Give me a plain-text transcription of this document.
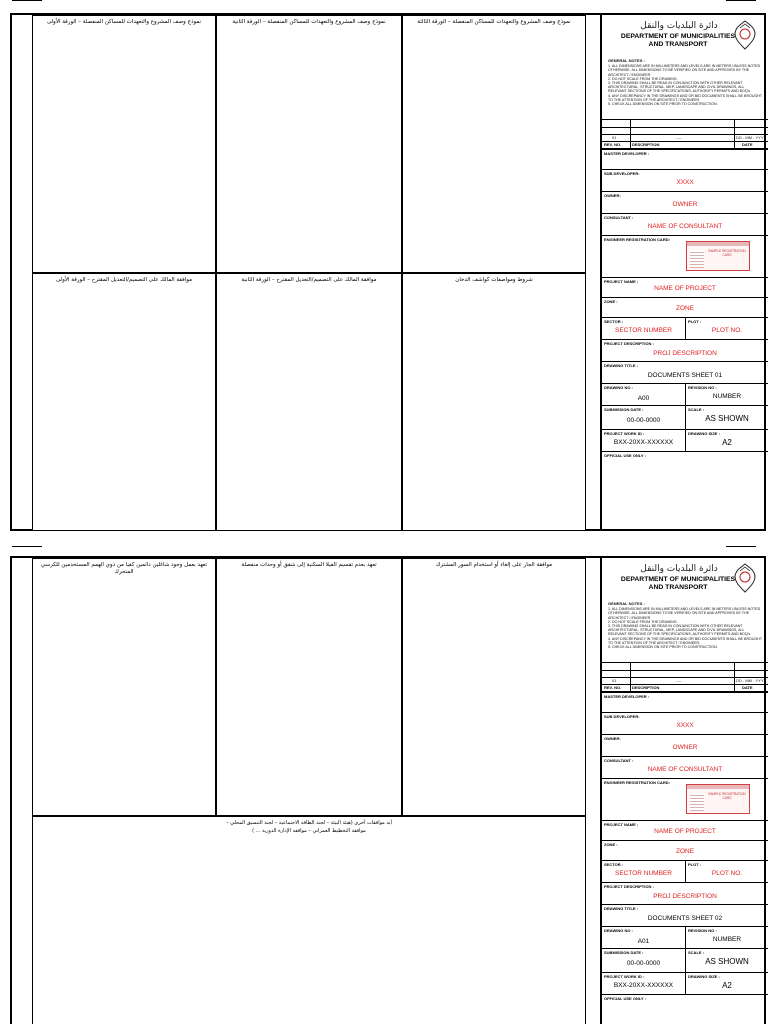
نموذج وصف المشروع والتعهدات للمساكن المنفصلة – الورقة الأولى	نموذج وصف المشروع والتعهدات للمساكن المنفصلة – الورقة الثانية	نموذج وصف المشروع والتعهدات للمساكن المنفصلة – الورقة الثالثة
موافقة المالك على التصميم/التعديل المقترح – الورقة الأولى	موافقة المالك على التصميم/التعديل المقترح – الورقة الثانية	شروط ومواصفات كواشف الدخان
دائرة البلديات والنقل
DEPARTMENT OF MUNICIPALITIES
AND TRANSPORT
GENERAL NOTES :
1. ALL DIMENSIONS ARE IN MILLIMETERS AND LEVELS ARE IN METERS UNLESS NOTED OTHERWISE. ALL DIMENSIONS TO BE VERIFIED ON SITE AND APPROVED BY THE ARCHITECT / ENGINEER.
2. DO NOT SCALE FROM THE DRAWING.
3. THIS DRAWING SHALL BE READ IN CONJUNCTION WITH OTHER RELEVANT ARCHITECTURAL, STRUCTURAL, MEP, LANDSCAPE AND CIVIL DRAWINGS, ALL RELEVANT SECTIONS OF THE SPECIFICATIONS, AUTHORITY PERMITS AND BOQ's.
4. ANY DISCREPANCY IN THE DRAWINGS AND OR BID DOCUMENTS SHALL BE BROUGHT TO THE ATTENTION OF THE ARCHITECT / ENGINEER.
5. CHECK ALL DIMENSION ON SITE PRIOR TO CONSTRUCTION.
01	----	DD - MM - YYYY
REV. NO.	DESCRIPTION	DATE
MASTER DEVELOPER :
SUB DEVELOPER:
XXXX
OWNER:
OWNER
CONSULTANT :
NAME OF CONSULTANT
ENGINEER REGISTRATION CARD:
SAMPLE REGISTRATION CARD
PROJECT NAME :
NAME OF PROJECT
ZONE :
ZONE
SECTOR :
SECTOR NUMBER
PLOT :
PLOT NO.
PROJECT DESCRIPTION :
PROJ DESCRIPTION
DRAWING TITLE :
DOCUMENTS SHEET 01
DRAWING NO :
A00
REVISION NO :
NUMBER
SUBMISSION DATE :
00-00-0000
SCALE :
AS SHOWN
PROJECT WORK ID :
BXX-20XX-XXXXXX
DRAWING SIZE :
A2
OFFICIAL USE ONLY :
تعهد بعمل وجود شاغلين دائمين كقيا من ذوي الهمم المستخدمين للكرسي المتحرك
تعهد بعدم تقسيم الفيلا السكنية إلى شقق أو وحدات منفصلة	موافقة الجار على إلغاء أو استخدام السور المشترك
أية موافقات أخرى (هيئة البيئة – لجنة الطاقة الاجتماعية – لجنة التنسيق المحلي – موافقة التخطيط العمراني – موافقة الإدارة الدورية ... )
دائرة البلديات والنقل
DEPARTMENT OF MUNICIPALITIES
AND TRANSPORT
GENERAL NOTES :
1. ALL DIMENSIONS ARE IN MILLIMETERS AND LEVELS ARE IN METERS UNLESS NOTED OTHERWISE. ALL DIMENSIONS TO BE VERIFIED ON SITE AND APPROVED BY THE ARCHITECT / ENGINEER.
2. DO NOT SCALE FROM THE DRAWING.
3. THIS DRAWING SHALL BE READ IN CONJUNCTION WITH OTHER RELEVANT ARCHITECTURAL, STRUCTURAL, MEP, LANDSCAPE AND CIVIL DRAWINGS, ALL RELEVANT SECTIONS OF THE SPECIFICATIONS, AUTHORITY PERMITS AND BOQ's.
4. ANY DISCREPANCY IN THE DRAWINGS AND OR BID DOCUMENTS SHALL BE BROUGHT TO THE ATTENTION OF THE ARCHITECT / ENGINEER.
5. CHECK ALL DIMENSION ON SITE PRIOR TO CONSTRUCTION.
01	----	DD - MM - YYYY
REV. NO.	DESCRIPTION	DATE
MASTER DEVELOPER :
SUB DEVELOPER:
XXXX
OWNER:
OWNER
CONSULTANT :
NAME OF CONSULTANT
ENGINEER REGISTRATION CARD:
SAMPLE REGISTRATION CARD
PROJECT NAME :
NAME OF PROJECT
ZONE :
ZONE
SECTOR :
SECTOR NUMBER
PLOT :
PLOT NO.
PROJECT DESCRIPTION :
PROJ DESCRIPTION
DRAWING TITLE :
DOCUMENTS SHEET 02
DRAWING NO :
A01
REVISION NO :
NUMBER
SUBMISSION DATE :
00-00-0000
SCALE :
AS SHOWN
PROJECT WORK ID :
BXX-20XX-XXXXXX
DRAWING SIZE :
A2
OFFICIAL USE ONLY :
